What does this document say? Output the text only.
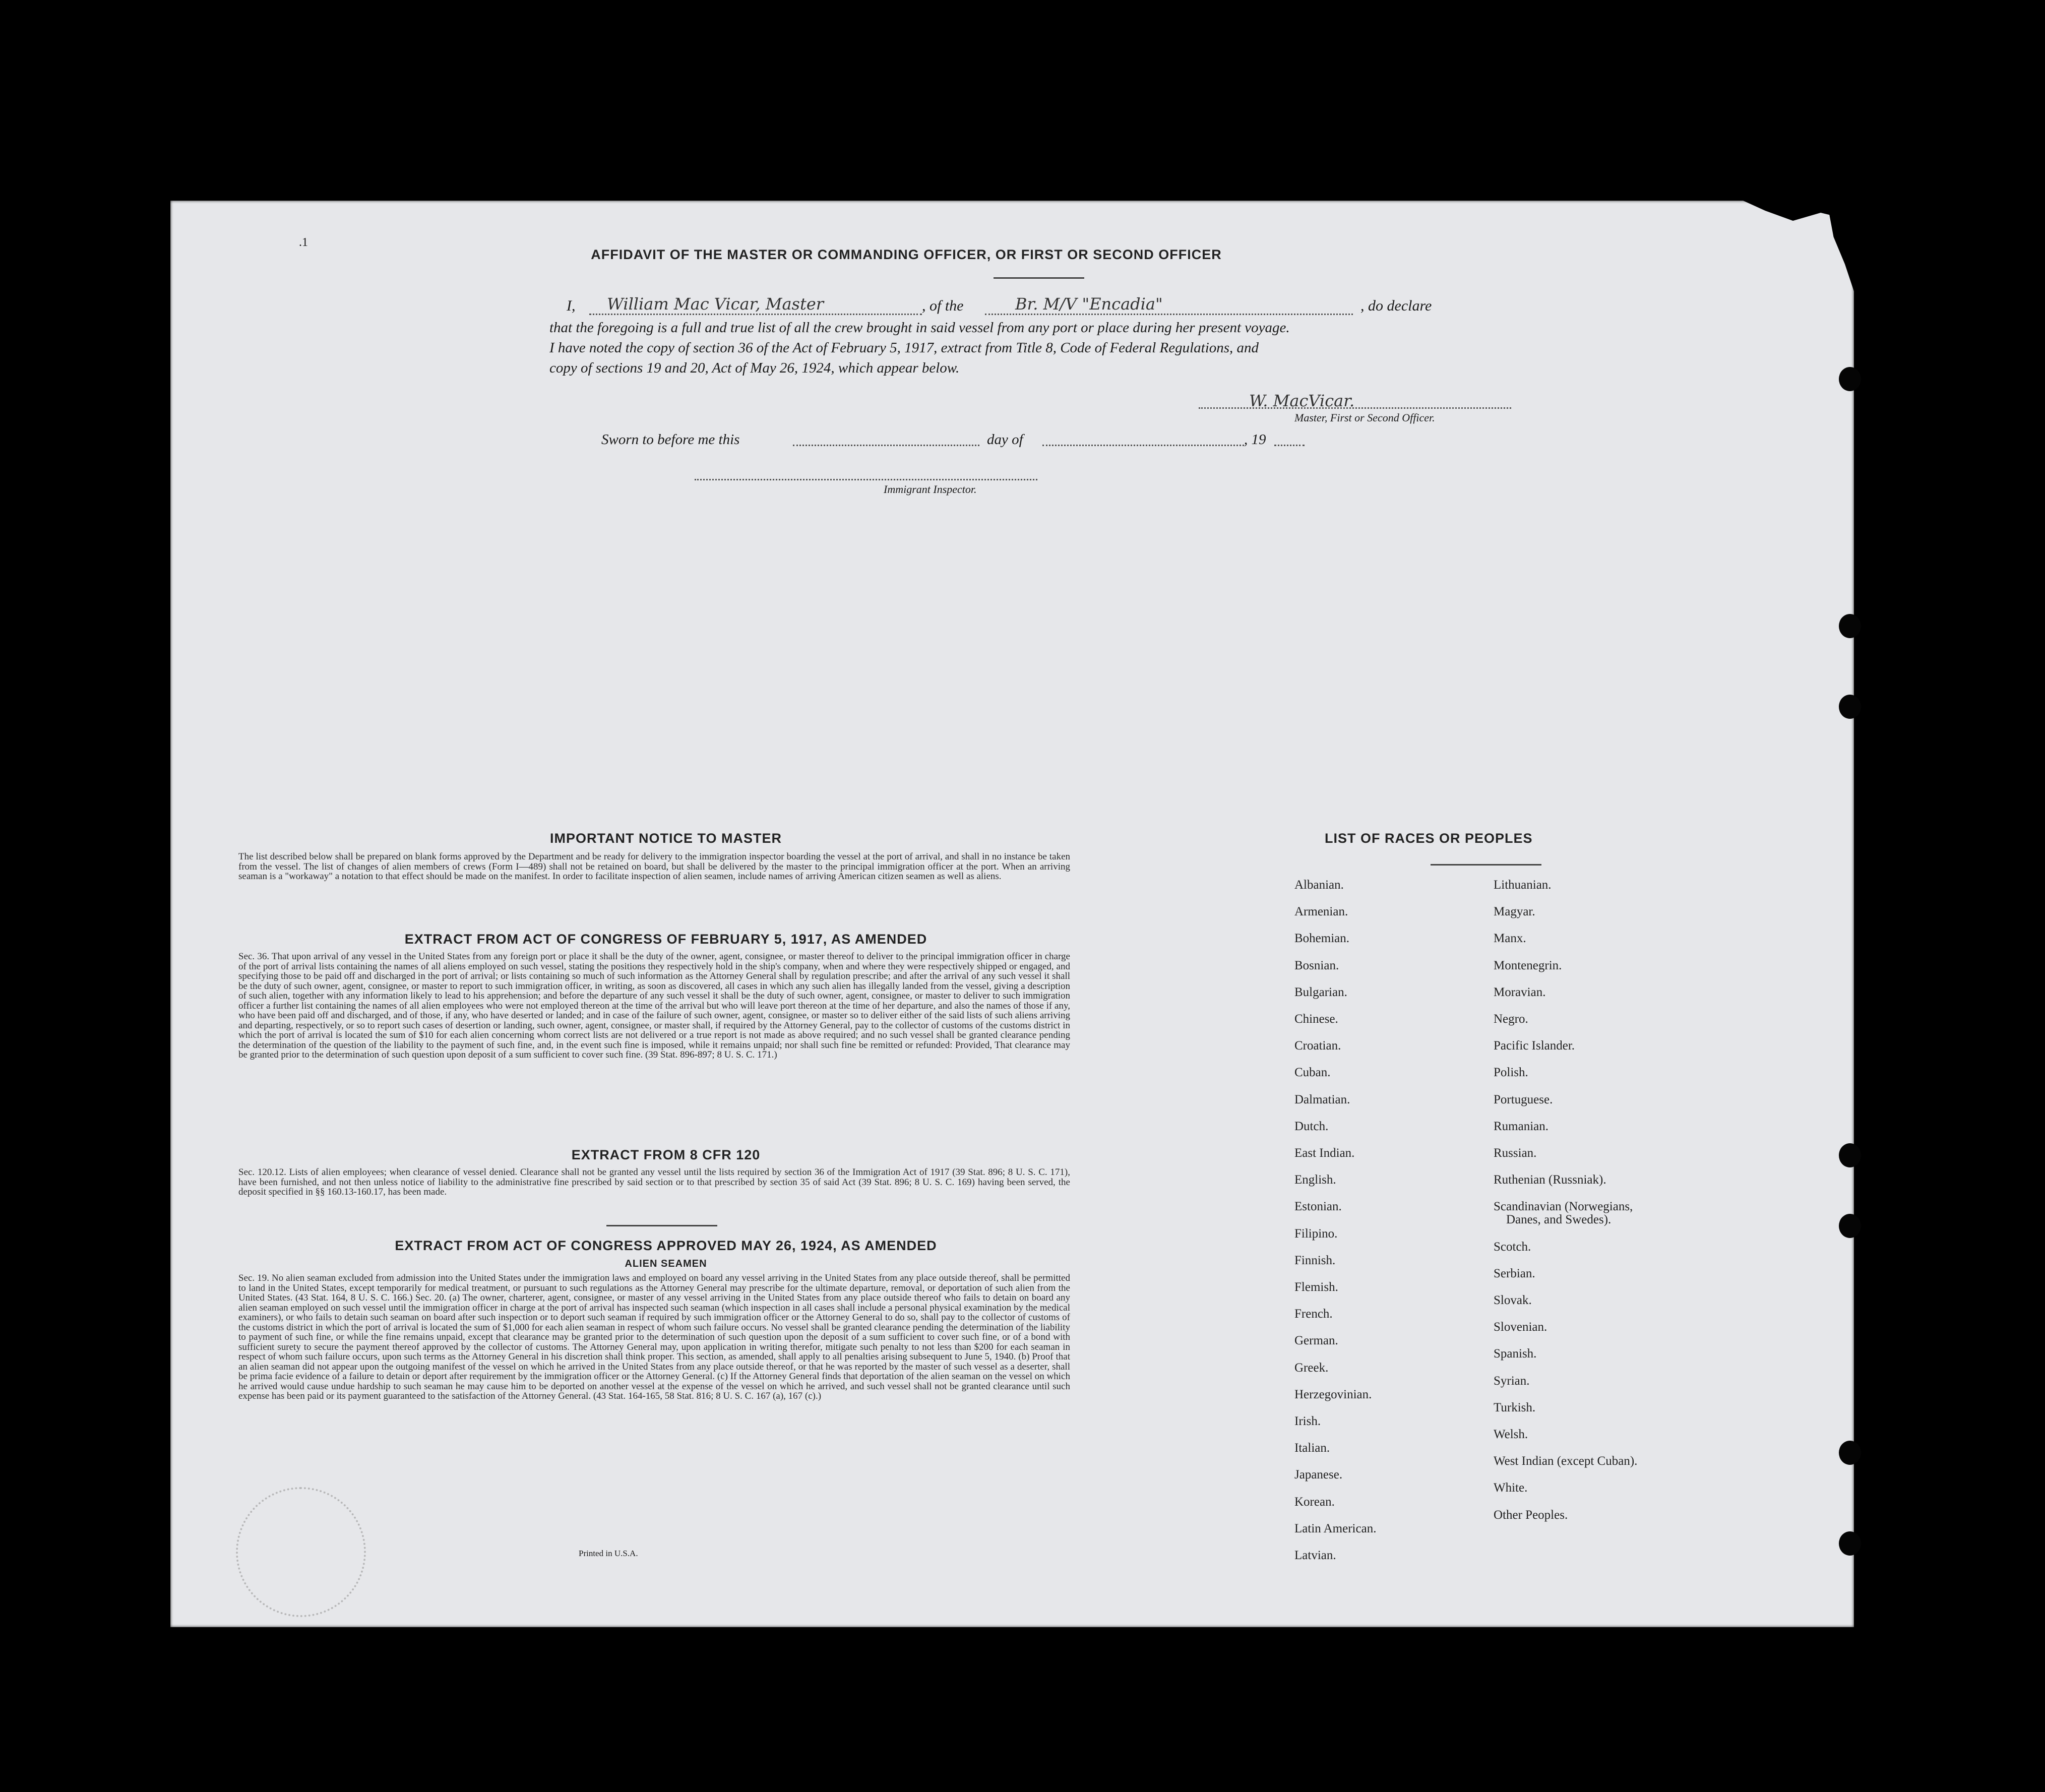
.1
AFFIDAVIT OF THE MASTER OR COMMANDING OFFICER, OR FIRST OR SECOND OFFICER
I, William Mac Vicar, Master	, of the	Br. M/V "Encadia"	, do declare
that the foregoing is a full and true list of all the crew brought in said vessel from any port or place during her present voyage.
I have noted the copy of section 36 of the Act of February 5, 1917, extract from Title 8, Code of Federal Regulations, and
copy of sections 19 and 20, Act of May 26, 1924, which appear below.
W. MacVicar.
Master, First or Second Officer.
Sworn to before me this	day of	, 19
Immigrant Inspector.
IMPORTANT NOTICE TO MASTER
The list described below shall be prepared on blank forms approved by the Department and be ready for delivery to the immigration inspector boarding the vessel at the port of arrival, and shall in no instance be taken from the vessel. The list of changes of alien members of crews (Form I—489) shall not be retained on board, but shall be delivered by the master to the principal immigration officer at the port. When an arriving seaman is a "workaway" a notation to that effect should be made on the manifest. In order to facilitate inspection of alien seamen, include names of arriving American citizen seamen as well as aliens.
EXTRACT FROM ACT OF CONGRESS OF FEBRUARY 5, 1917, AS AMENDED
Sec. 36. That upon arrival of any vessel in the United States from any foreign port or place it shall be the duty of the owner, agent, consignee, or master thereof to deliver to the principal immigration officer in charge of the port of arrival lists containing the names of all aliens employed on such vessel, stating the positions they respectively hold in the ship's company, when and where they were respectively shipped or engaged, and specifying those to be paid off and discharged in the port of arrival; or lists containing so much of such information as the Attorney General shall by regulation prescribe; and after the arrival of any such vessel it shall be the duty of such owner, agent, consignee, or master to report to such immigration officer, in writing, as soon as discovered, all cases in which any such alien has illegally landed from the vessel, giving a description of such alien, together with any information likely to lead to his apprehension; and before the departure of any such vessel it shall be the duty of such owner, agent, consignee, or master to deliver to such immigration officer a further list containing the names of all alien employees who were not employed thereon at the time of the arrival but who will leave port thereon at the time of her departure, and also the names of those if any, who have been paid off and discharged, and of those, if any, who have deserted or landed; and in case of the failure of such owner, agent, consignee, or master so to deliver either of the said lists of such aliens arriving and departing, respectively, or so to report such cases of desertion or landing, such owner, agent, consignee, or master shall, if required by the Attorney General, pay to the collector of customs of the customs district in which the port of arrival is located the sum of $10 for each alien concerning whom correct lists are not delivered or a true report is not made as above required; and no such vessel shall be granted clearance pending the determination of the question of the liability to the payment of such fine, and, in the event such fine is imposed, while it remains unpaid; nor shall such fine be remitted or refunded: Provided, That clearance may be granted prior to the determination of such question upon deposit of a sum sufficient to cover such fine. (39 Stat. 896-897; 8 U. S. C. 171.)
EXTRACT FROM 8 CFR 120
Sec. 120.12. Lists of alien employees; when clearance of vessel denied. Clearance shall not be granted any vessel until the lists required by section 36 of the Immigration Act of 1917 (39 Stat. 896; 8 U. S. C. 171), have been furnished, and not then unless notice of liability to the administrative fine prescribed by said section or to that prescribed by section 35 of said Act (39 Stat. 896; 8 U. S. C. 169) having been served, the deposit specified in §§ 160.13-160.17, has been made.
EXTRACT FROM ACT OF CONGRESS APPROVED MAY 26, 1924, AS AMENDED
ALIEN SEAMEN
Sec. 19. No alien seaman excluded from admission into the United States under the immigration laws and employed on board any vessel arriving in the United States from any place outside thereof, shall be permitted to land in the United States, except temporarily for medical treatment, or pursuant to such regulations as the Attorney General may prescribe for the ultimate departure, removal, or deportation of such alien from the United States. (43 Stat. 164, 8 U. S. C. 166.) Sec. 20. (a) The owner, charterer, agent, consignee, or master of any vessel arriving in the United States from any place outside thereof who fails to detain on board any alien seaman employed on such vessel until the immigration officer in charge at the port of arrival has inspected such seaman (which inspection in all cases shall include a personal physical examination by the medical examiners), or who fails to detain such seaman on board after such inspection or to deport such seaman if required by such immigration officer or the Attorney General to do so, shall pay to the collector of customs of the customs district in which the port of arrival is located the sum of $1,000 for each alien seaman in respect of whom such failure occurs. No vessel shall be granted clearance pending the determination of the liability to payment of such fine, or while the fine remains unpaid, except that clearance may be granted prior to the determination of such question upon the deposit of a sum sufficient to cover such fine, or of a bond with sufficient surety to secure the payment thereof approved by the collector of customs. The Attorney General may, upon application in writing therefor, mitigate such penalty to not less than $200 for each seaman in respect of whom such failure occurs, upon such terms as the Attorney General in his discretion shall think proper. This section, as amended, shall apply to all penalties arising subsequent to June 5, 1940. (b) Proof that an alien seaman did not appear upon the outgoing manifest of the vessel on which he arrived in the United States from any place outside thereof, or that he was reported by the master of such vessel as a deserter, shall be prima facie evidence of a failure to detain or deport after requirement by the immigration officer or the Attorney General. (c) If the Attorney General finds that deportation of the alien seaman on the vessel on which he arrived would cause undue hardship to such seaman he may cause him to be deported on another vessel at the expense of the vessel on which he arrived, and such vessel shall not be granted clearance until such expense has been paid or its payment guaranteed to the satisfaction of the Attorney General. (43 Stat. 164-165, 58 Stat. 816; 8 U. S. C. 167 (a), 167 (c).)
Printed in U.S.A.
LIST OF RACES OR PEOPLES
Albanian.
Armenian.
Bohemian.
Bosnian.
Bulgarian.
Chinese.
Croatian.
Cuban.
Dalmatian.
Dutch.
East Indian.
English.
Estonian.
Filipino.
Finnish.
Flemish.
French.
German.
Greek.
Herzegovinian.
Irish.
Italian.
Japanese.
Korean.
Latin American.
Latvian.
Lithuanian.
Magyar.
Manx.
Montenegrin.
Moravian.
Negro.
Pacific Islander.
Polish.
Portuguese.
Rumanian.
Russian.
Ruthenian (Russniak).
Scandinavian (Norwegians,
Danes, and Swedes).
Scotch.
Serbian.
Slovak.
Slovenian.
Spanish.
Syrian.
Turkish.
Welsh.
West Indian (except Cuban).
White.
Other Peoples.
